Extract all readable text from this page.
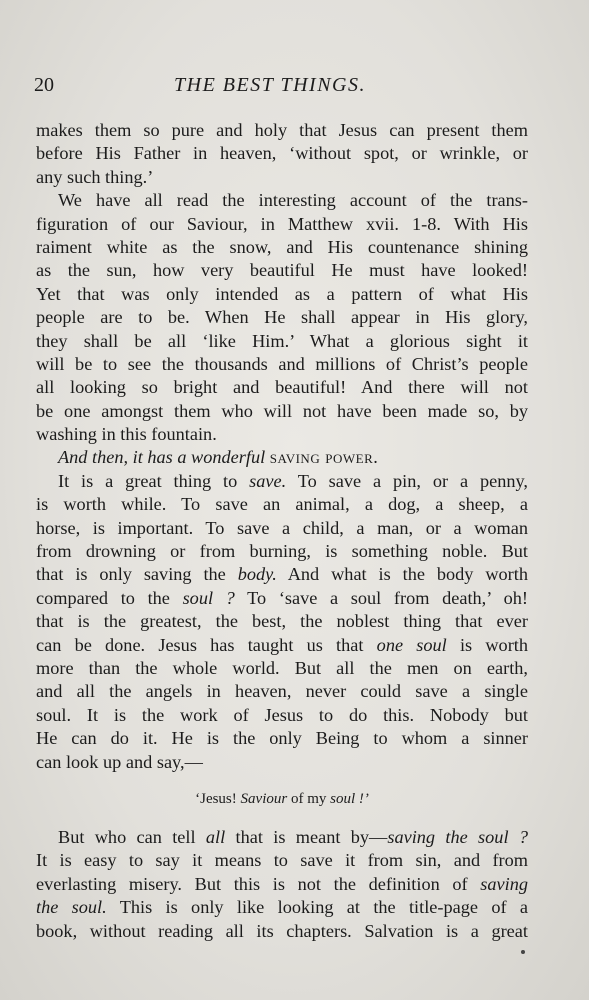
20	THE BEST THINGS.
makes them so pure and holy that Jesus can present them
before His Father in heaven, ‘without spot, or wrinkle, or
any such thing.’
We have all read the interesting account of the trans-
figuration of our Saviour, in Matthew xvii. 1-8. With His
raiment white as the snow, and His countenance shining
as the sun, how very beautiful He must have looked!
Yet that was only intended as a pattern of what His
people are to be. When He shall appear in His glory,
they shall be all ‘like Him.’ What a glorious sight it
will be to see the thousands and millions of Christ’s people
all looking so bright and beautiful! And there will not
be one amongst them who will not have been made so, by
washing in this fountain.
And then, it has a wonderful saving power.
It is a great thing to save. To save a pin, or a penny,
is worth while. To save an animal, a dog, a sheep, a
horse, is important. To save a child, a man, or a woman
from drowning or from burning, is something noble. But
that is only saving the body. And what is the body worth
compared to the soul ? To ‘save a soul from death,’ oh!
that is the greatest, the best, the noblest thing that ever
can be done. Jesus has taught us that one soul is worth
more than the whole world. But all the men on earth,
and all the angels in heaven, never could save a single
soul. It is the work of Jesus to do this. Nobody but
He can do it. He is the only Being to whom a sinner
can look up and say,—
‘Jesus! Saviour of my soul !’
But who can tell all that is meant by—saving the soul ?
It is easy to say it means to save it from sin, and from
everlasting misery. But this is not the definition of saving
the soul. This is only like looking at the title-page of a
book, without reading all its chapters. Salvation is a great
